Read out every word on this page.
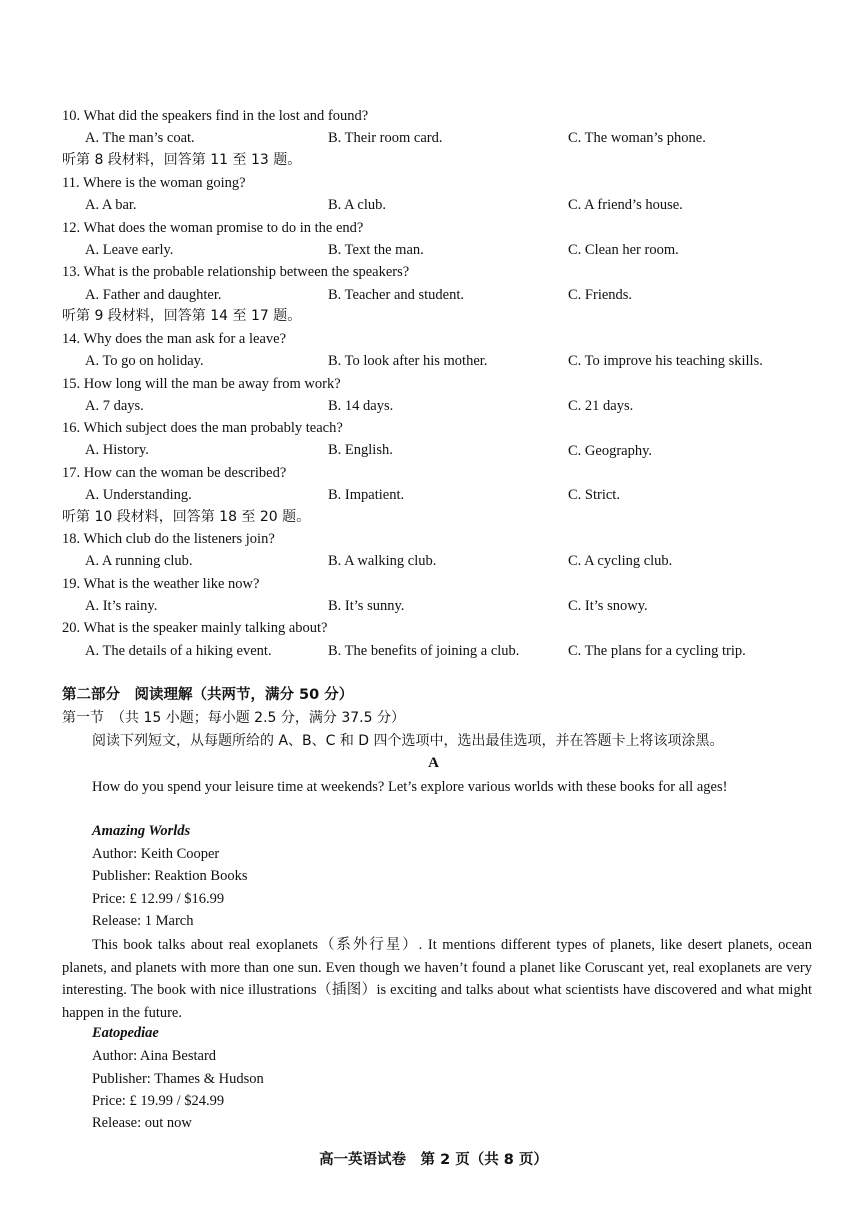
10. What did the speakers find in the lost and found?
A. The man’s coat.	B. Their room card.	C. The woman’s phone.
听第 8 段材料，回答第 11 至 13 题。
11. Where is the woman going?
A. A bar.	B. A club.	C. A friend’s house.
12. What does the woman promise to do in the end?
A. Leave early.	B. Text the man.	C. Clean her room.
13. What is the probable relationship between the speakers?
A. Father and daughter.	B. Teacher and student.	C. Friends.
听第 9 段材料，回答第 14 至 17 题。
14. Why does the man ask for a leave?
A. To go on holiday.	B. To look after his mother.	C. To improve his teaching skills.
15. How long will the man be away from work?
A. 7 days.	B. 14 days.	C. 21 days.
16. Which subject does the man probably teach?
A. History.	B. English.	C. Geography.
17. How can the woman be described?
A. Understanding.	B. Impatient.	C. Strict.
听第 10 段材料，回答第 18 至 20 题。
18. Which club do the listeners join?
A. A running club.	B. A walking club.	C. A cycling club.
19. What is the weather like now?
A. It’s rainy.	B. It’s sunny.	C. It’s snowy.
20. What is the speaker mainly talking about?
A. The details of a hiking event.	B. The benefits of joining a club.	C. The plans for a cycling trip.
第二部分　阅读理解（共两节，满分 50 分）
第一节　（共 15 小题；每小题 2.5 分，满分 37.5 分）
阅读下列短文，从每题所给的 A、B、C 和 D 四个选项中，选出最佳选项，并在答题卡上将该项涂黑。
A
How do you spend your leisure time at weekends? Let’s explore various worlds with these books for all ages!
Amazing Worlds
Author: Keith Cooper
Publisher: Reaktion Books
Price: £ 12.99 / $16.99
Release: 1 March
This book talks about real exoplanets（系外行星）. It mentions different types of planets, like desert planets, ocean planets, and planets with more than one sun. Even though we haven’t found a planet like Coruscant yet, real exoplanets are very interesting. The book with nice illustrations（插图）is exciting and talks about what scientists have discovered and what might happen in the future.
Eatopediae
Author: Aina Bestard
Publisher: Thames & Hudson
Price: £ 19.99 / $24.99
Release: out now
高一英语试卷　第 2 页（共 8 页）
